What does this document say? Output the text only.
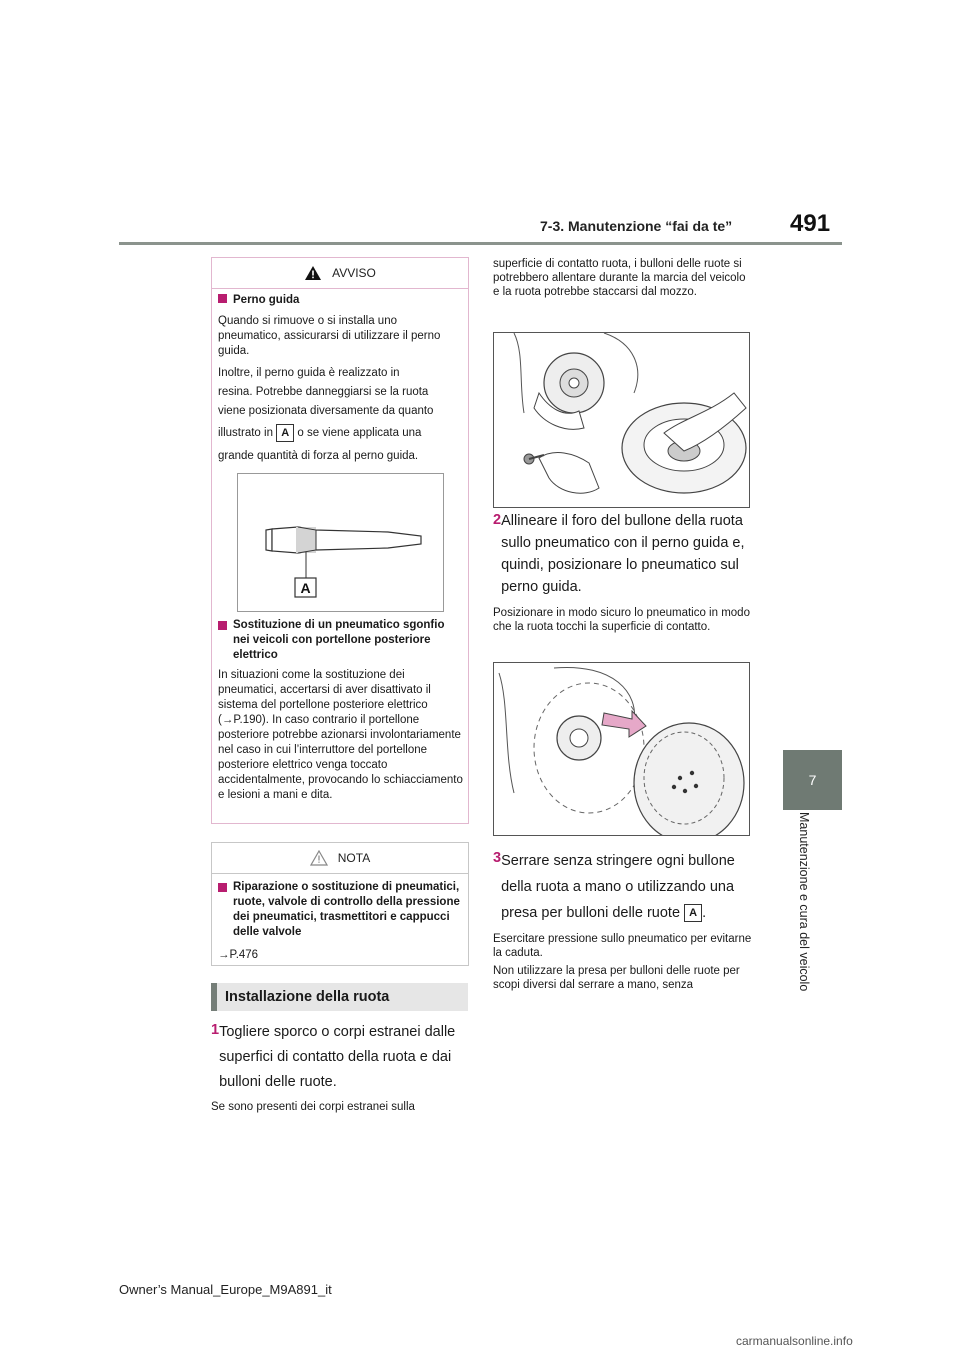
7-3. Manutenzione “fai da te” 491
7
Manutenzione e cura del veicolo
AVVISO
Perno guida
Quando si rimuove o si installa uno pneumatico, assicurarsi di utilizzare il perno guida.
Inoltre, il perno guida è realizzato in
resina. Potrebbe danneggiarsi se la ruota
viene posizionata diversamente da quanto
illustrato in A o se viene applicata una
grande quantità di forza al perno guida.
A
Sostituzione di un pneumatico sgonfio nei veicoli con portellone posteriore elettrico
In situazioni come la sostituzione dei pneumatici, accertarsi di aver disattivato il sistema del portellone posteriore elettrico (→P.190). In caso contrario il portellone posteriore potrebbe azionarsi involontariamente nel caso in cui l’interruttore del portellone posteriore elettrico venga toccato accidentalmente, provocando lo schiacciamento e lesioni a mani e dita.
NOTA
Riparazione o sostituzione di pneumatici, ruote, valvole di controllo della pressione dei pneumatici, trasmettitori e cappucci delle valvole
→P.476
Installazione della ruota
1 Togliere sporco o corpi estranei dalle superfici di contatto della ruota e dai bulloni delle ruote.
Se sono presenti dei corpi estranei sulla
superficie di contatto ruota, i bulloni delle ruote si potrebbero allentare durante la marcia del veicolo e la ruota potrebbe staccarsi dal mozzo.
2 Allineare il foro del bullone della ruota sullo pneumatico con il perno guida e, quindi, posizionare lo pneumatico sul perno guida.
Posizionare in modo sicuro lo pneumatico in modo che la ruota tocchi la superficie di contatto.
3 Serrare senza stringere ogni bullone della ruota a mano o utilizzando una presa per bulloni delle ruote A .
Esercitare pressione sullo pneumatico per evitarne la caduta.
Non utilizzare la presa per bulloni delle ruote per scopi diversi dal serrare a mano, senza
Owner’s Manual_Europe_M9A891_it
carmanualsonline.info
